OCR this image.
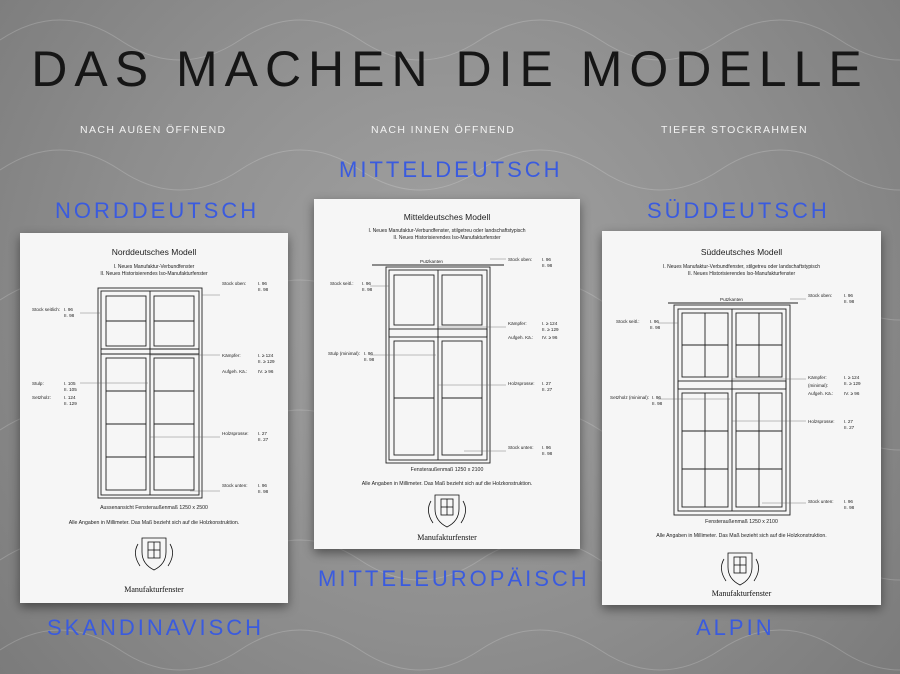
DAS MACHEN DIE MODELLE
NACH AUßEN ÖFFNEND	NACH INNEN ÖFFNEND	TIEFER STOCKRAHMEN
NORDDEUTSCH
MITTELDEUTSCH
SÜDDEUTSCH
SKANDINAVISCH
MITTELEUROPÄISCH
ALPIN
Norddeutsches Modell
I. Neues Manufaktur-Verbundfenster
II. Neues Historisierendes Iso-Manufakturfenster
Stock oben:	I. 96
II. 98
Stock seitlich: I. 96
II. 98
Kämpfer:	I. ≥ 124
II. ≥ 129
Aufgeh. Kä.: IV. ≥ 96
Stulp:	I. 105
II. 105
Setzholz:	I. 124
II. 129
Holzsprosse: I. 27
II. 27
Stock unten: I. 96
II. 98
Aussenansicht Fensteraußenmaß 1250 x 2500
Alle Angaben in Millimeter. Das Maß bezieht sich auf die Holzkonstruktion.
Manufakturfenster
Mitteldeutsches Modell
I. Neues Manufaktur-Verbundfenster, stilgetreu oder landschaftstypisch
II. Neues Historisierendes Iso-Manufakturfenster
Putzkanten	Stock oben: I. 96
II. 98
Stock seitl.: I. 96
II. 98
Kämpfer:	I. ≥ 124
II. ≥ 129
Aufgeh. Kä.: IV. ≥ 96
Stulp (minimal): I. 96
II. 98
Holzsprosse: I. 27
II. 27
Stock unten: I. 96
II. 98
Fensteraußenmaß 1250 x 2100
Alle Angaben in Millimeter. Das Maß bezieht sich auf die Holzkonstruktion.
Manufakturfenster
Süddeutsches Modell
I. Neues Manufaktur-Verbundfenster, stilgetreu oder landschaftstypisch
II. Neues Historisierendes Iso-Manufakturfenster
Putzkanten
Stock oben:	I. 96
II. 98
Stock seitl.: I. 96
II. 98
Kämpfer:	I. ≥ 124
(minimal):	II. ≥ 129
Aufgeh. Kä.: IV. ≥ 96
Setzholz (minimal): I. 96
II. 98
Holzsprosse: I. 27
II. 27
Stock unten: I. 96
II. 98
Fensteraußenmaß 1250 x 2100
Alle Angaben in Millimeter. Das Maß bezieht sich auf die Holzkonstruktion.
Manufakturfenster
